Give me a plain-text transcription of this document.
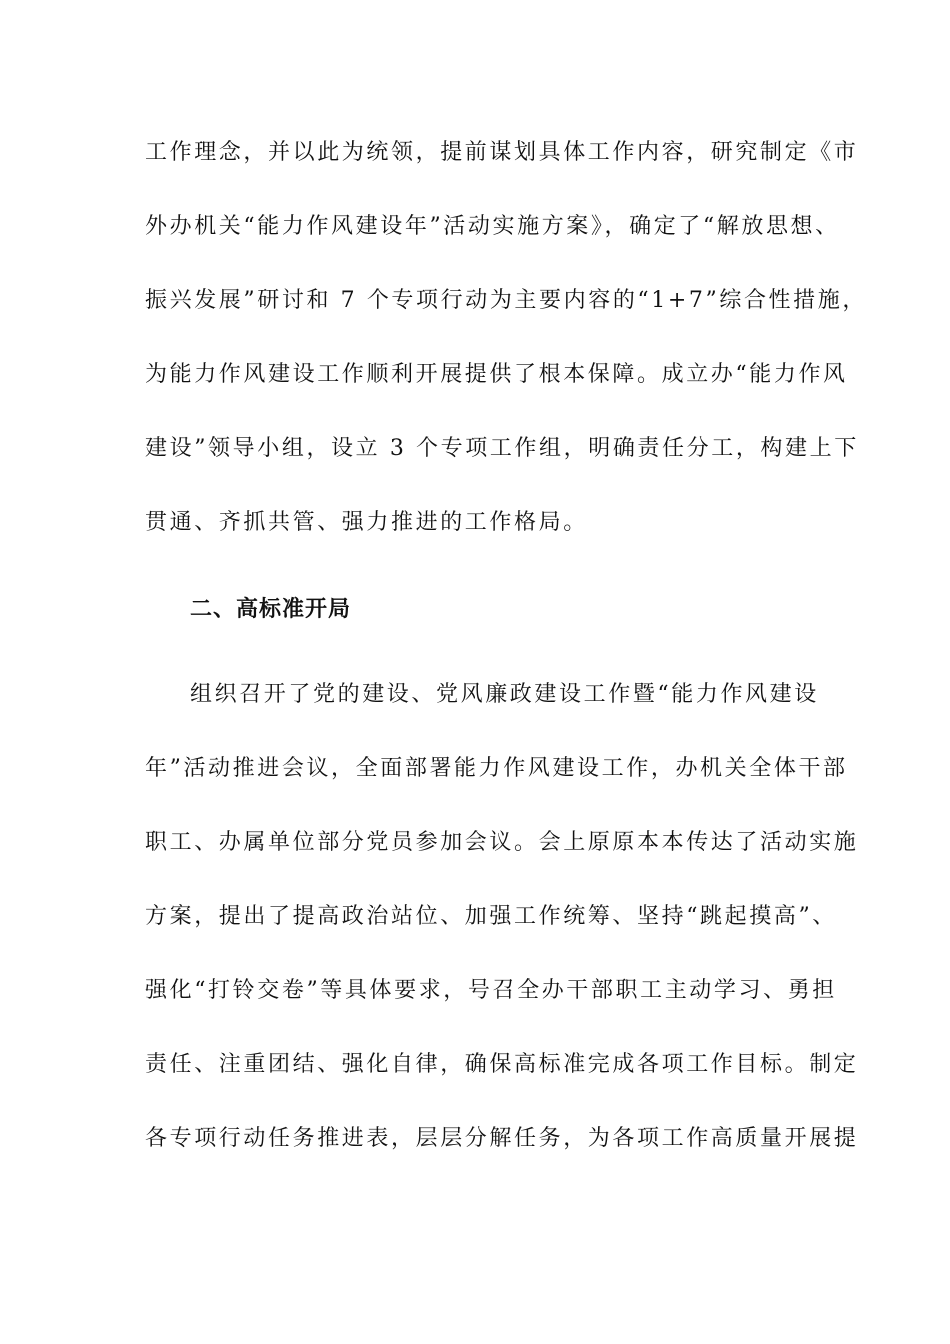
工作理念，并以此为统领，提前谋划具体工作内容，研究制定《市
外办机关“能力作风建设年”活动实施方案》，确定了“解放思想、
振兴发展”研讨和 7 个专项行动为主要内容的“1+7”综合性措施，
为能力作风建设工作顺利开展提供了根本保障。成立办“能力作风
建设”领导小组，设立 3 个专项工作组，明确责任分工，构建上下
贯通、齐抓共管、强力推进的工作格局。
二、高标准开局
组织召开了党的建设、党风廉政建设工作暨“能力作风建设
年”活动推进会议，全面部署能力作风建设工作，办机关全体干部
职工、办属单位部分党员参加会议。会上原原本本传达了活动实施
方案，提出了提高政治站位、加强工作统筹、坚持“跳起摸高”、
强化“打铃交卷”等具体要求，号召全办干部职工主动学习、勇担
责任、注重团结、强化自律，确保高标准完成各项工作目标。制定
各专项行动任务推进表，层层分解任务，为各项工作高质量开展提
